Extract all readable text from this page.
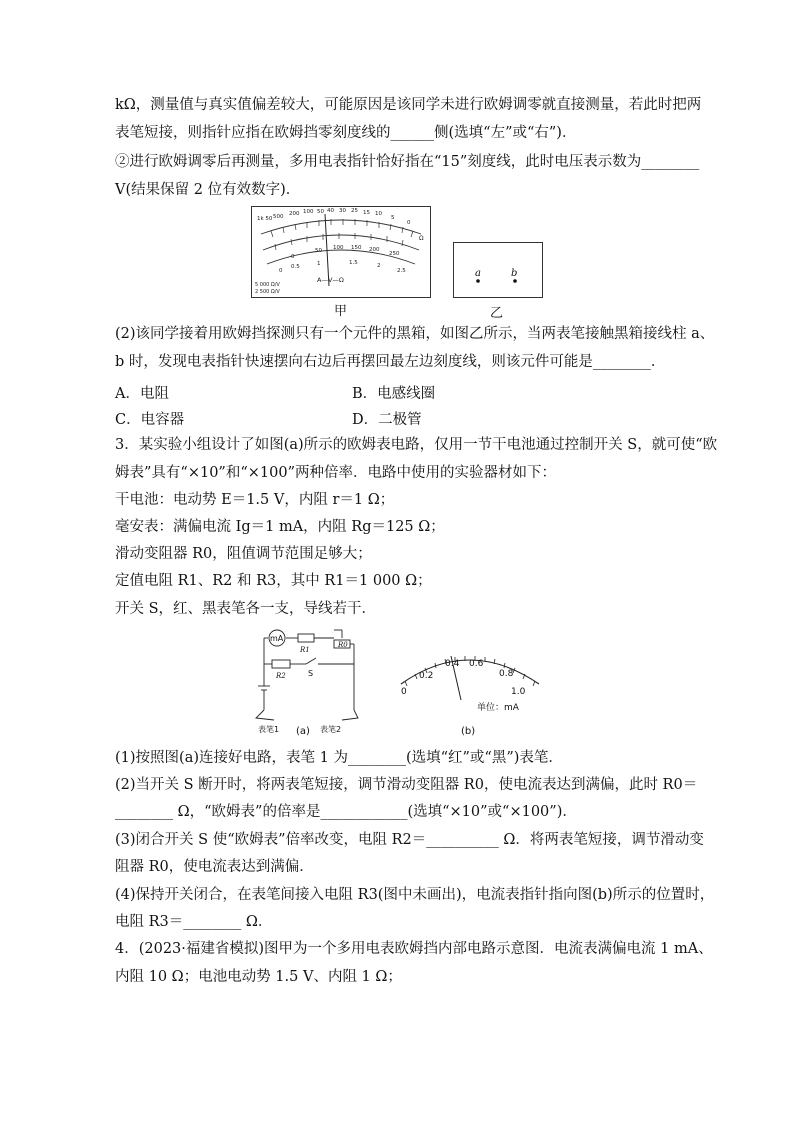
kΩ，测量值与真实值偏差较大，可能原因是该同学未进行欧姆调零就直接测量，若此时把两
表笔短接，则指针应指在欧姆挡零刻度线的______侧(选填“左”或“右”)．
②进行欧姆调零后再测量，多用电表指针恰好指在“15”刻度线，此时电压表示数为________
V(结果保留 2 位有效数字)．
1k 50 500 200 100 50 40 30 25 15 10
5
0
Ω
0
50 100 150 200
250
0
0.5	1	1.5	2
2.5
A—V—Ω
5 000 Ω/V
2 500 Ω/V
甲
a	b
乙
(2)该同学接着用欧姆挡探测只有一个元件的黑箱，如图乙所示，当两表笔接触黑箱接线柱 a、
b 时，发现电表指针快速摆向右边后再摆回最左边刻度线，则该元件可能是________．
A．电阻	B．电感线圈
C．电容器	D．二极管
3．某实验小组设计了如图(a)所示的欧姆表电路，仅用一节干电池通过控制开关 S，就可使“欧
姆表”具有“×10”和“×100”两种倍率．电路中使用的实验器材如下：
干电池：电动势 E＝1.5 V，内阻 r＝1 Ω；
毫安表：满偏电流 Ig＝1 mA，内阻 Rg＝125 Ω；
滑动变阻器 R0，阻值调节范围足够大；
定值电阻 R1、R2 和 R3，其中 R1＝1 000 Ω；
开关 S，红、黑表笔各一支，导线若干．
mA
R1
R0
R2	S
表笔1	表笔2
(a)
0
0.2
0.4 0.6
0.8
1.0
单位：mA
(b)
(1)按照图(a)连接好电路，表笔 1 为________(选填“红”或“黑”)表笔．
(2)当开关 S 断开时，将两表笔短接，调节滑动变阻器 R0，使电流表达到满偏，此时 R0＝
________ Ω，“欧姆表”的倍率是____________(选填“×10”或“×100”)．
(3)闭合开关 S 使“欧姆表”倍率改变，电阻 R2＝__________ Ω．将两表笔短接，调节滑动变
阻器 R0，使电流表达到满偏．
(4)保持开关闭合，在表笔间接入电阻 R3(图中未画出)，电流表指针指向图(b)所示的位置时，
电阻 R3＝________ Ω．
4．(2023·福建省模拟)图甲为一个多用电表欧姆挡内部电路示意图．电流表满偏电流 1 mA、
内阻 10 Ω；电池电动势 1.5 V、内阻 1 Ω；
